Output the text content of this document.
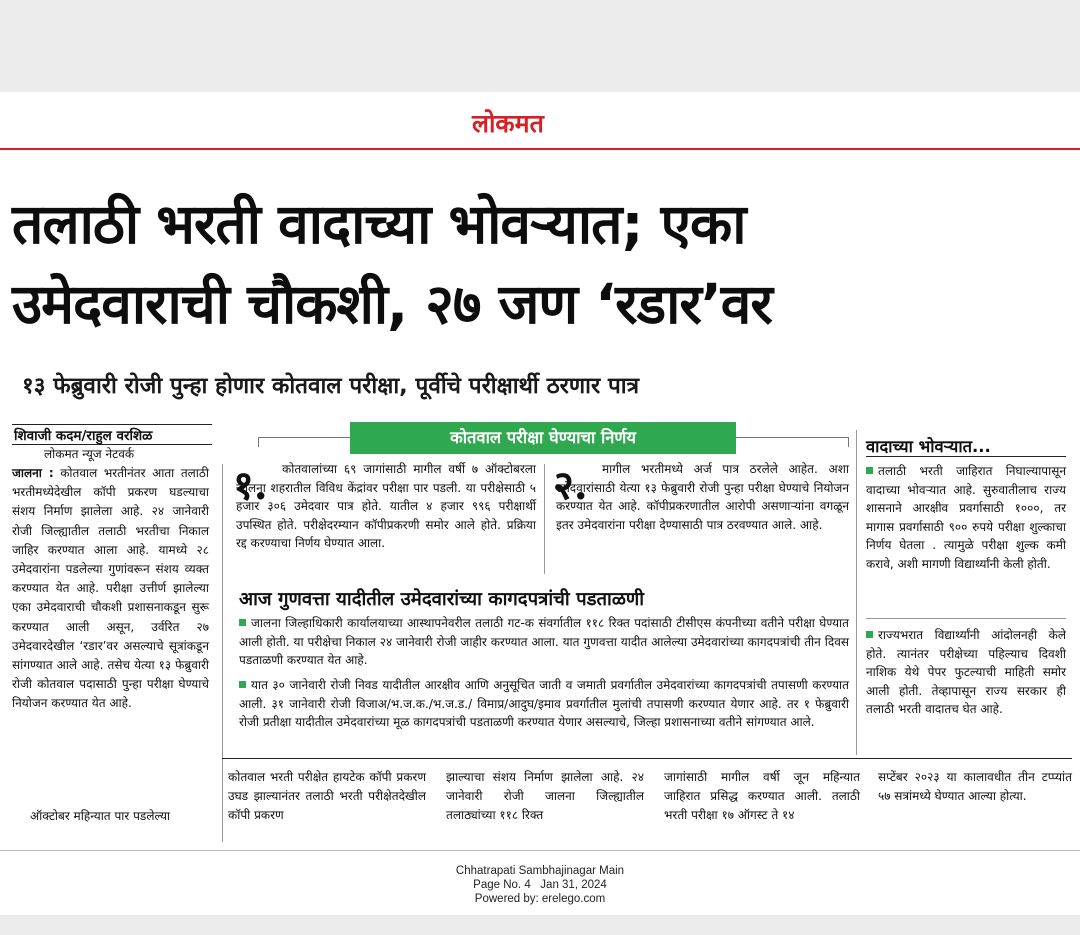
लोकमत
तलाठी भरती वादाच्या भोवऱ्यात; एका
उमेदवाराची चौकशी, २७ जण ‘रडार’वर
१३ फेब्रुवारी रोजी पुन्हा होणार कोतवाल परीक्षा, पूर्वीचे परीक्षार्थी ठरणार पात्र
शिवाजी कदम/राहुल वरशिळ
लोकमत न्यूज नेटवर्क
जालना : कोतवाल भरतीनंतर आता तलाठी भरतीमध्येदेखील कॉपी प्रकरण घडल्याचा संशय निर्माण झालेला आहे. २४ जानेवारी रोजी जिल्ह्यातील तलाठी भरतीचा निकाल जाहिर करण्यात आला आहे. यामध्ये २८ उमेदवारांना पडलेल्या गुणांवरून संशय व्यक्त करण्यात येत आहे. परीक्षा उत्तीर्ण झालेल्या एका उमेदवाराची चौकशी प्रशासनाकडून सुरू करण्यात आली असून, उर्वरित २७ उमेदवारदेखील ‘रडार’वर असल्याचे सूत्रांकडून सांगण्यात आले आहे. तसेच येत्या १३ फेब्रुवारी रोजी कोतवाल पदासाठी पुन्हा परीक्षा घेण्याचे नियोजन करण्यात येत आहे.
ऑक्टोबर महिन्यात पार पडलेल्या
कोतवाल परीक्षा घेण्याचा निर्णय
१.	कोतवालांच्या ६९ जागांसाठी मागील वर्षी ७ ऑक्टोबरला जालना शहरातील विविध केंद्रांवर परीक्षा पार पडली. या परीक्षेसाठी ५ हजार ३०६ उमेदवार पात्र होते. यातील ४ हजार ९९६ परीक्षार्थी उपस्थित होते. परीक्षेदरम्यान कॉपीप्रकरणी समोर आले होते. प्रक्रिया रद्द करण्याचा निर्णय घेण्यात आला.
२.	मागील भरतीमध्ये अर्ज पात्र ठरलेले आहेत. अशा उमेदवारांसाठी येत्या १३ फेब्रुवारी रोजी पुन्हा परीक्षा घेण्याचे नियोजन करण्यात येत आहे. कॉपीप्रकरणातील आरोपी असणाऱ्यांना वगळून इतर उमेदवारांना परीक्षा देण्यासाठी पात्र ठरवण्यात आले. आहे.
आज गुणवत्ता यादीतील उमेदवारांच्या कागदपत्रांची पडताळणी
जालना जिल्हाधिकारी कार्यालयाच्या आस्थापनेवरील तलाठी गट-क संवर्गातील ११८ रिक्त पदांसाठी टीसीएस कंपनीच्या वतीने परीक्षा घेण्यात आली होती. या परीक्षेचा निकाल २४ जानेवारी रोजी जाहीर करण्यात आला. यात गुणवत्ता यादीत आलेल्या उमेदवारांच्या कागदपत्रांची तीन दिवस पडताळणी करण्यात येत आहे.
यात ३० जानेवारी रोजी निवड यादीतील आरक्षीव आणि अनुसूचित जाती व जमाती प्रवर्गातील उमेदवारांच्या कागदपत्रांची तपासणी करण्यात आली. ३१ जानेवारी रोजी विजाअ/भ.ज.क./भ.ज.ड./ विमाप्र/आदुघ/इमाव प्रवर्गातील मुलांची तपासणी करण्यात येणार आहे. तर १ फेब्रुवारी रोजी प्रतीक्षा यादीतील उमेदवारांच्या मूळ कागदपत्रांची पडताळणी करण्यात येणार असल्याचे, जिल्हा प्रशासनाच्या वतीने सांगण्यात आले.
वादाच्या भोवऱ्यात...
तलाठी भरती जाहिरात निघाल्यापासून वादाच्या भोवऱ्यात आहे. सुरुवातीलाच राज्य शासनाने आरक्षीव प्रवर्गासाठी १०००, तर मागास प्रवर्गासाठी ९०० रुपये परीक्षा शुल्काचा निर्णय घेतला . त्यामुळे परीक्षा शुल्क कमी करावे, अशी मागणी विद्यार्थ्यांनी केली होती.
राज्यभरात विद्यार्थ्यांनी आंदोलनही केले होते. त्यानंतर परीक्षेच्या पहिल्याच दिवशी नाशिक येथे पेपर फुटल्याची माहिती समोर आली होती. तेव्हापासून राज्य सरकार ही तलाठी भरती वादातच घेत आहे.
कोतवाल भरती परीक्षेत हायटेक कॉपी प्रकरण उघड झाल्यानंतर तलाठी भरती परीक्षेतदेखील कॉपी प्रकरण
झाल्याचा संशय निर्माण झालेला आहे. २४ जानेवारी रोजी जालना जिल्ह्यातील तलाठ्यांच्या ११८ रिक्त
जागांसाठी मागील वर्षी जून महिन्यात जाहिरात प्रसिद्ध करण्यात आली. तलाठी भरती परीक्षा १७ ऑगस्ट ते १४
सप्टेंबर २०२३ या कालावधीत तीन टप्प्यांत ५७ सत्रांमध्ये घेण्यात आल्या होत्या.
Chhatrapati Sambhajinagar Main
Page No. 4   Jan 31, 2024
Powered by: erelego.com
